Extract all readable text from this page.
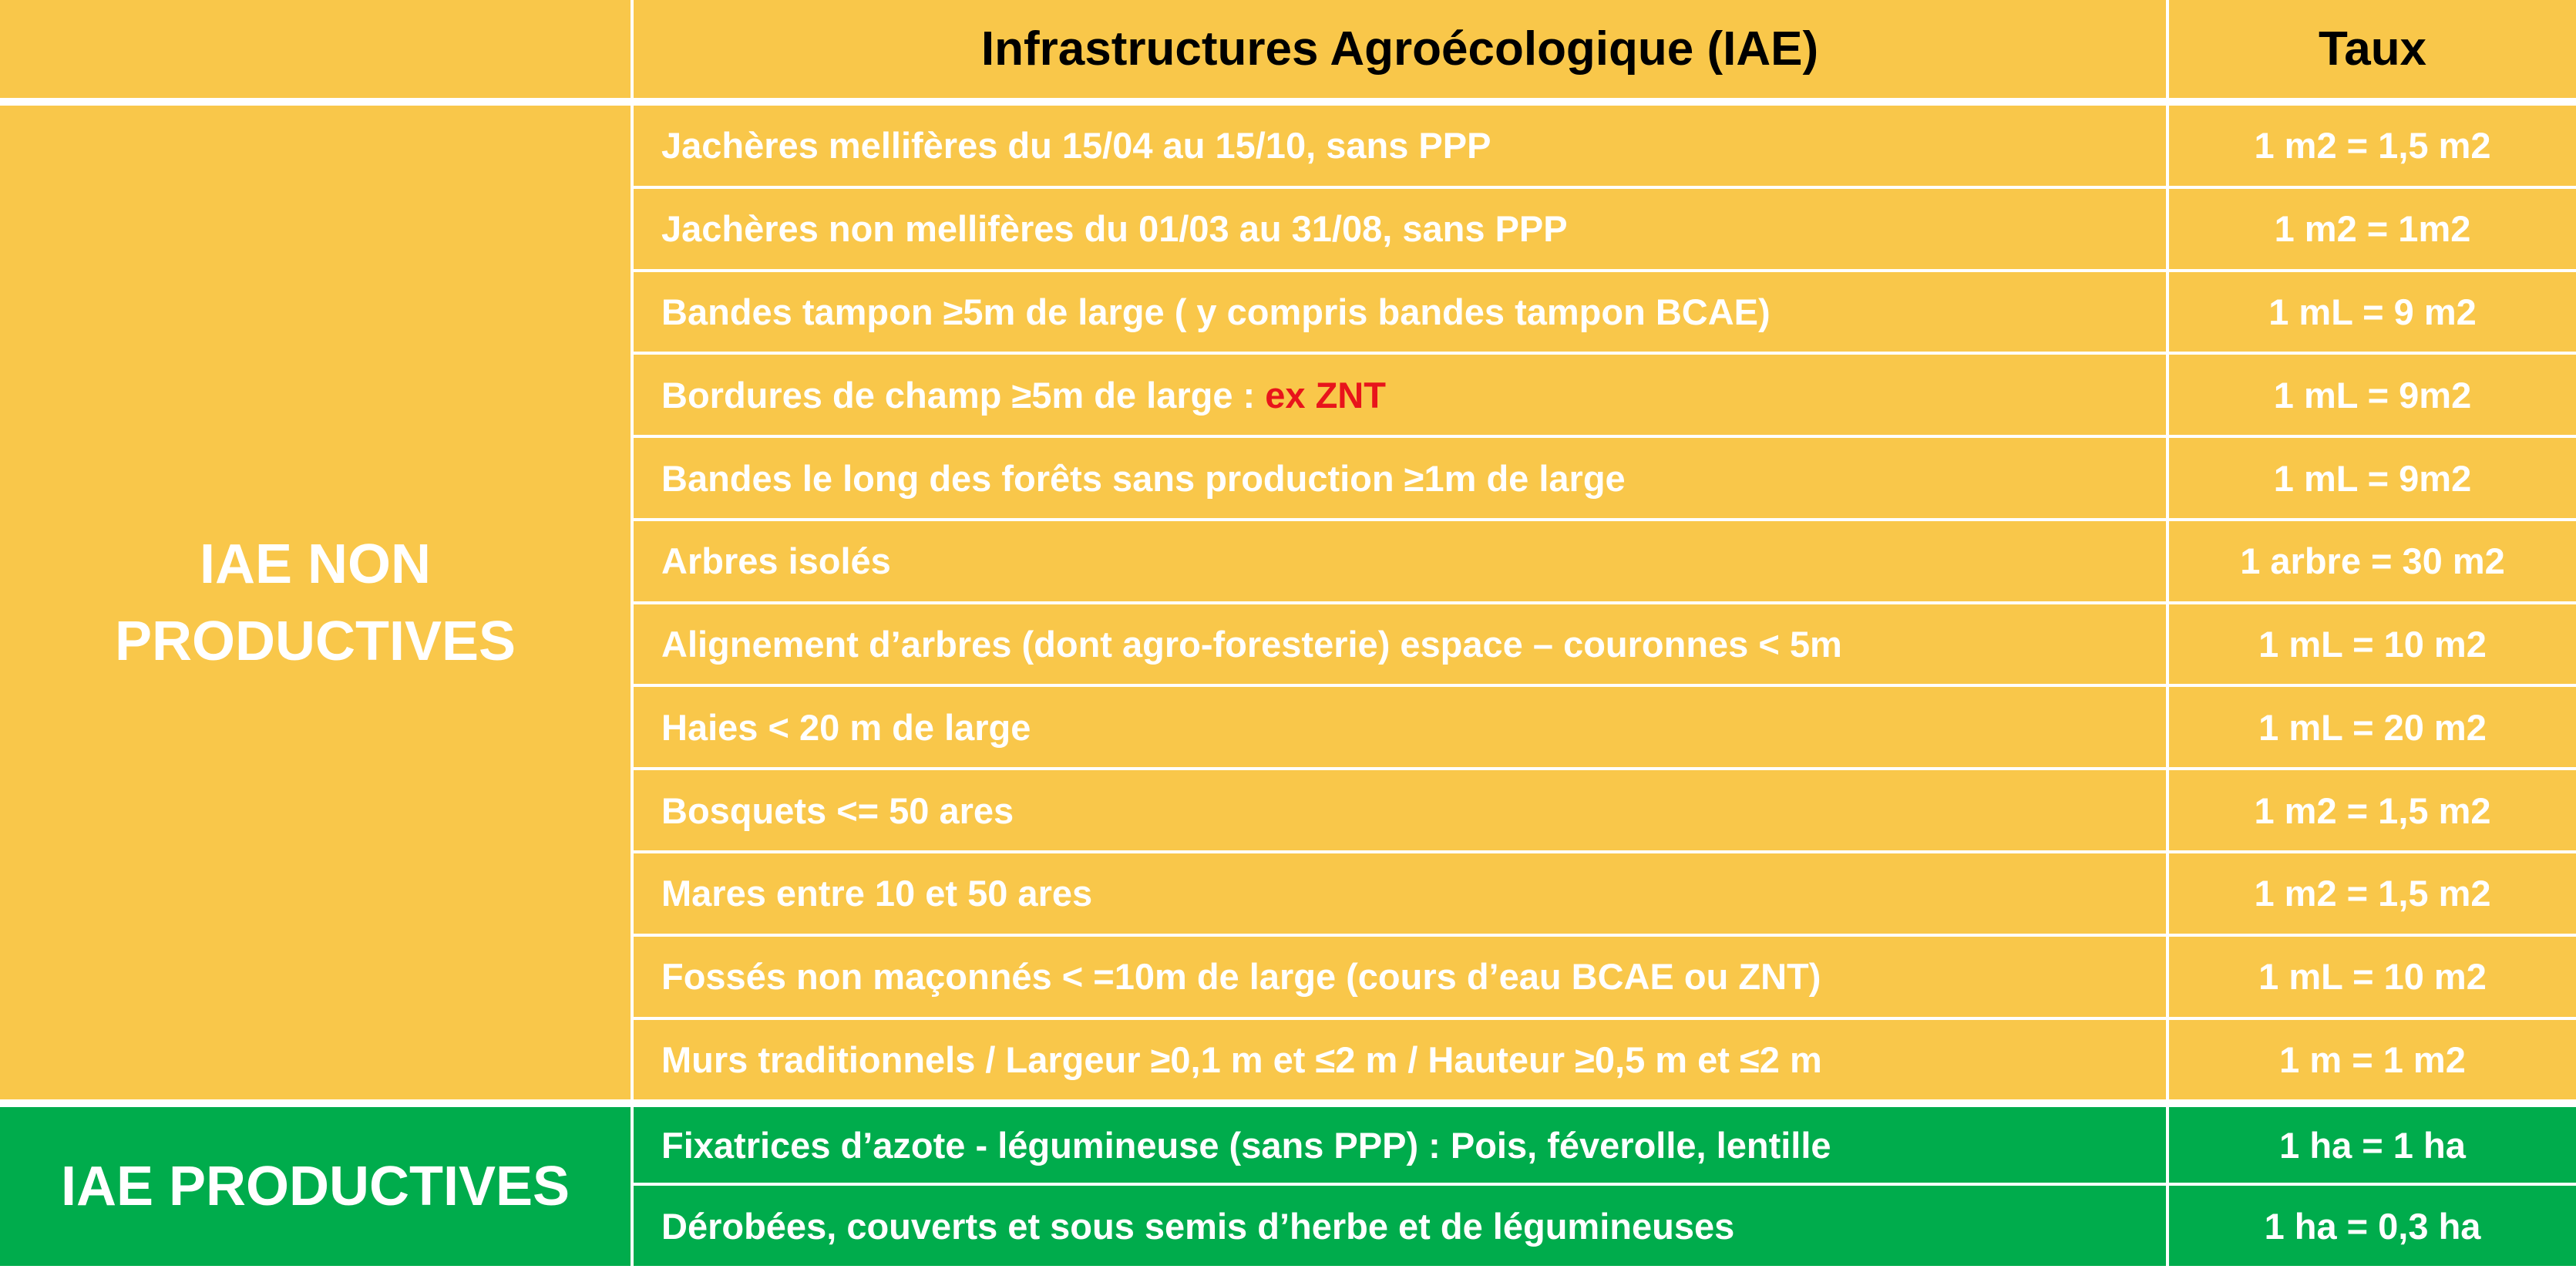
	Infrastructures Agroécologique (IAE)	Taux

IAE NON
PRODUCTIVES	Jachères mellifères du 15/04 au 15/10, sans PPP	1 m2 = 1,5 m2
	Jachères non mellifères du 01/03 au 31/08, sans PPP	1 m2 = 1m2
	Bandes tampon ≥5m de large ( y compris bandes tampon BCAE)	1 mL = 9 m2
	Bordures de champ ≥5m de large : ex ZNT	1 mL = 9m2
	Bandes le long des forêts sans production ≥1m de large	1 mL = 9m2
	Arbres isolés	1 arbre = 30 m2
	Alignement d’arbres (dont agro-foresterie) espace – couronnes < 5m	1 mL = 10 m2
	Haies < 20 m de large	1 mL = 20 m2
	Bosquets <= 50 ares	1 m2 = 1,5 m2
	Mares entre 10 et 50 ares	1 m2 = 1,5 m2
	Fossés non maçonnés < =10m de large (cours d’eau BCAE ou ZNT)	1 mL = 10 m2
	Murs traditionnels / Largeur ≥0,1 m et ≤2 m / Hauteur ≥0,5 m et ≤2 m	1 m = 1 m2
IAE PRODUCTIVES	Fixatrices d’azote - légumineuse (sans PPP) : Pois, féverolle, lentille	1 ha = 1 ha
	Dérobées, couverts et sous semis d’herbe et de légumineuses	1 ha = 0,3 ha
